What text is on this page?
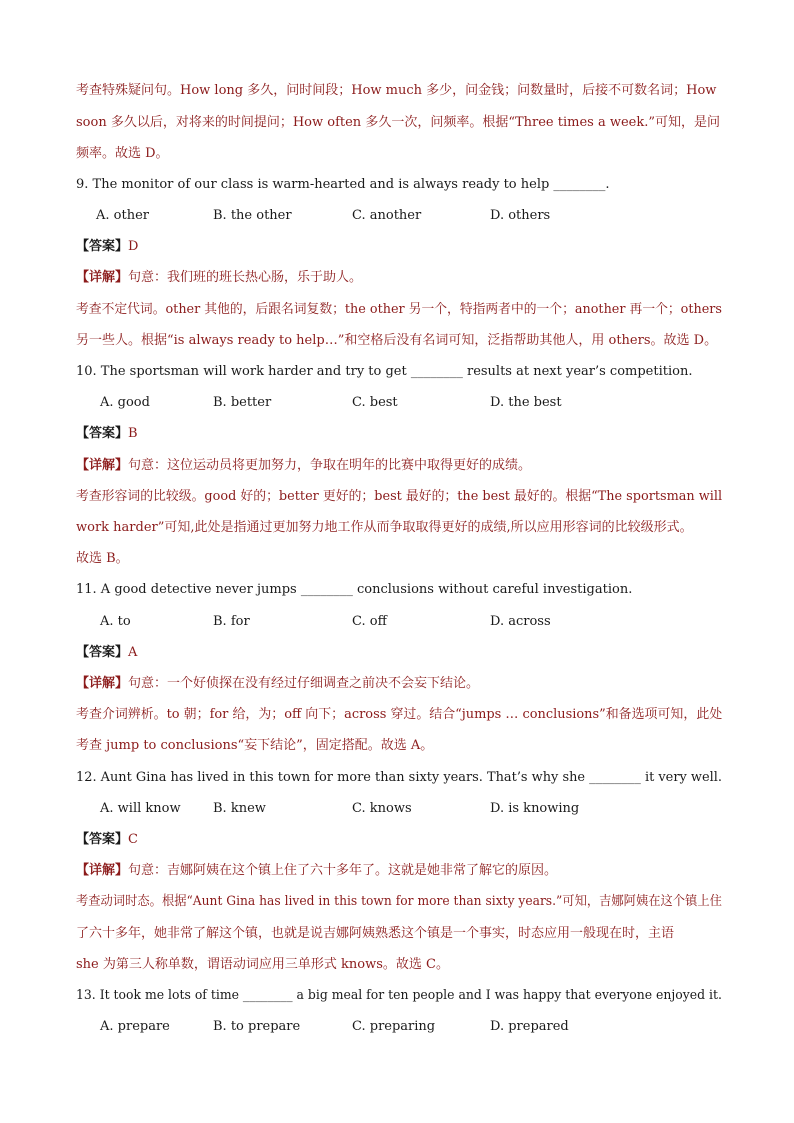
考查特殊疑问句。How long 多久，问时间段；How much 多少，问金钱；问数量时，后接不可数名词；How
soon 多久以后，对将来的时间提问；How often 多久一次，问频率。根据“Three times a week.”可知，是问
频率。故选 D。
9. The monitor of our class is warm-hearted and is always ready to help ________.
A. other	B. the other	C. another	D. others
【答案】D
【详解】句意：我们班的班长热心肠，乐于助人。
考查不定代词。other 其他的，后跟名词复数；the other 另一个，特指两者中的一个；another 再一个；others
另一些人。根据“is always ready to help…”和空格后没有名词可知，泛指帮助其他人，用 others。故选 D。
10. The sportsman will work harder and try to get ________ results at next year’s competition.
A. good	B. better	C. best	D. the best
【答案】B
【详解】句意：这位运动员将更加努力，争取在明年的比赛中取得更好的成绩。
考查形容词的比较级。good 好的；better 更好的；best 最好的；the best 最好的。根据“The sportsman will
work harder”可知,此处是指通过更加努力地工作从而争取取得更好的成绩,所以应用形容词的比较级形式。
故选 B。
11. A good detective never jumps ________ conclusions without careful investigation.
A. to	B. for	C. off	D. across
【答案】A
【详解】句意：一个好侦探在没有经过仔细调查之前决不会妄下结论。
考查介词辨析。to 朝；for 给，为；off 向下；across 穿过。结合“jumps … conclusions”和备选项可知，此处
考查 jump to conclusions“妄下结论”，固定搭配。故选 A。
12. Aunt Gina has lived in this town for more than sixty years. That’s why she ________ it very well.
A. will know B. knew	C. knows	D. is knowing
【答案】C
【详解】句意：吉娜阿姨在这个镇上住了六十多年了。这就是她非常了解它的原因。
考查动词时态。根据“Aunt Gina has lived in this town for more than sixty years.”可知，吉娜阿姨在这个镇上住
了六十多年，她非常了解这个镇，也就是说吉娜阿姨熟悉这个镇是一个事实，时态应用一般现在时，主语
she 为第三人称单数，谓语动词应用三单形式 knows。故选 C。
13. It took me lots of time ________ a big meal for ten people and I was happy that everyone enjoyed it.
A. prepare	B. to prepare	C. preparing	D. prepared
